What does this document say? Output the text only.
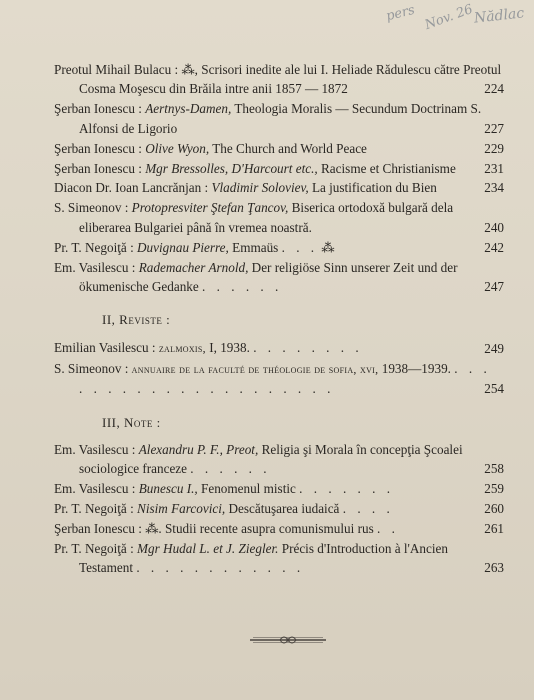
pers Nov. 26
Nădlac
Preotul Mihail Bulacu : ⁂, Scrisori inedite ale lui I. Heliade Rădulescu către Preotul Cosma Moşescu din Brăila intre anii 1857 — 1872	224
Şerban Ionescu : Aertnys-Damen, Theologia Moralis — Secundum Doctrinam S. Alfonsi de Ligorio	227
Şerban Ionescu : Olive Wyon, The Church and World Peace	229
Şerban Ionescu : Mgr Bressolles, D'Harcourt etc., Racisme et Christianisme 231
Diacon Dr. Ioan Lancrănjan : Vladimir Soloviev, La justification du Bien	234
S. Simeonov : Protopresviter Ştefan Ţancov, Biserica ortodoxă bulgară dela eliberarea Bulgariei până în vremea noastră.	240
Pr. T. Negoiţă : Duvignau Pierre, Emmaüs . . . ⁂	242
Em. Vasilescu : Rademacher Arnold, Der religiöse Sinn unserer Zeit und der ökumenische Gedanke . . . . . .	247
II, Reviste :
Emilian Vasilescu : zalmoxis, I, 1938. . . . . . . . .	249
S. Simeonov : annuaire de la faculté de théologie de sofia, xvi, 1938—1939. . . . . . . . . . . . . . . . . . . . . .	254
III, Note :
Em. Vasilescu : Alexandru P. F., Preot, Religia şi Morala în concepţia Şcoalei sociologice franceze . . . . . .	258
Em. Vasilescu : Bunescu I., Fenomenul mistic . . . . . . .	259
Pr. T. Negoiţă : Nisim Farcovici, Descătuşarea iudaică . . . .	260
Şerban Ionescu : ⁂. Studii recente asupra comunismului rus . .	261
Pr. T. Negoiţă : Mgr Hudal L. et J. Ziegler. Précis d'Introduction à l'Ancien Testament . . . . . . . . . . . .	263
